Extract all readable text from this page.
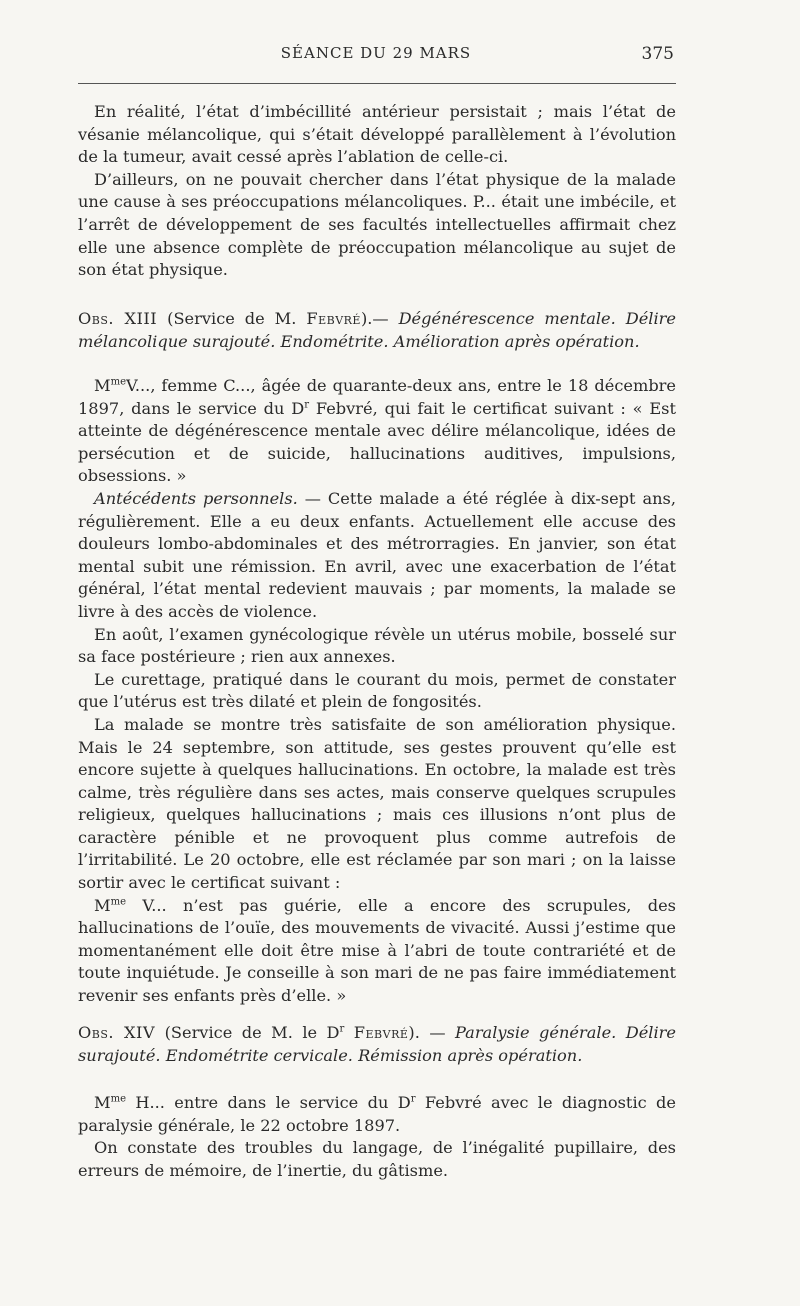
SÉANCE DU 29 MARS	375

En réalité, l’état d’imbécillité antérieur persistait ; mais l’état de vésanie mélancolique, qui s’était développé parallèlement à l’évolution de la tumeur, avait cessé après l’ablation de celle-ci.

D’ailleurs, on ne pouvait chercher dans l’état physique de la malade une cause à ses préoccupations mélancoliques. P... était une imbécile, et l’arrêt de développement de ses facultés intellectuelles affirmait chez elle une absence complète de préoccupation mélancolique au sujet de son état physique.

Obs. XIII (Service de M. Febvré).— Dégénérescence mentale. Délire mélancolique surajouté. Endométrite. Amélioration après opération.

$M^{me}V$..., femme C..., âgée de quarante-deux ans, entre le 18 décembre 1897, dans le service du $D^r$ Febvré, qui fait le certificat suivant : « Est atteinte de dégénérescence mentale avec délire mélancolique, idées de persécution et de suicide, hallucinations auditives, impulsions, obsessions. »

Antécédents personnels. — Cette malade a été réglée à dix-sept ans, régulièrement. Elle a eu deux enfants. Actuellement elle accuse des douleurs lombo-abdominales et des métrorragies. En janvier, son état mental subit une rémission. En avril, avec une exacerbation de l’état général, l’état mental redevient mauvais ; par moments, la malade se livre à des accès de violence.

En août, l’examen gynécologique révèle un utérus mobile, bosselé sur sa face postérieure ; rien aux annexes.

Le curettage, pratiqué dans le courant du mois, permet de constater que l’utérus est très dilaté et plein de fongosités.

La malade se montre très satisfaite de son amélioration physique. Mais le 24 septembre, son attitude, ses gestes prouvent qu’elle est encore sujette à quelques hallucinations. En octobre, la malade est très calme, très régulière dans ses actes, mais conserve quelques scrupules religieux, quelques hallucinations ; mais ces illusions n’ont plus de caractère pénible et ne provoquent plus comme autrefois de l’irritabilité. Le 20 octobre, elle est réclamée par son mari ; on la laisse sortir avec le certificat suivant :

$M^{me}$ V... n’est pas guérie, elle a encore des scrupules, des hallucinations de l’ouïe, des mouvements de vivacité. Aussi j’estime que momentanément elle doit être mise à l’abri de toute contrariété et de toute inquiétude. Je conseille à son mari de ne pas faire immédiatement revenir ses enfants près d’elle. »

Obs. XIV (Service de M. le $D^r$ Febvré). — Paralysie générale. Délire surajouté. Endométrite cervicale. Rémission après opération.

$M^{me}$ H... entre dans le service du $D^r$ Febvré avec le diagnostic de paralysie générale, le 22 octobre 1897.

On constate des troubles du langage, de l’inégalité pupillaire, des erreurs de mémoire, de l’inertie, du gâtisme.
